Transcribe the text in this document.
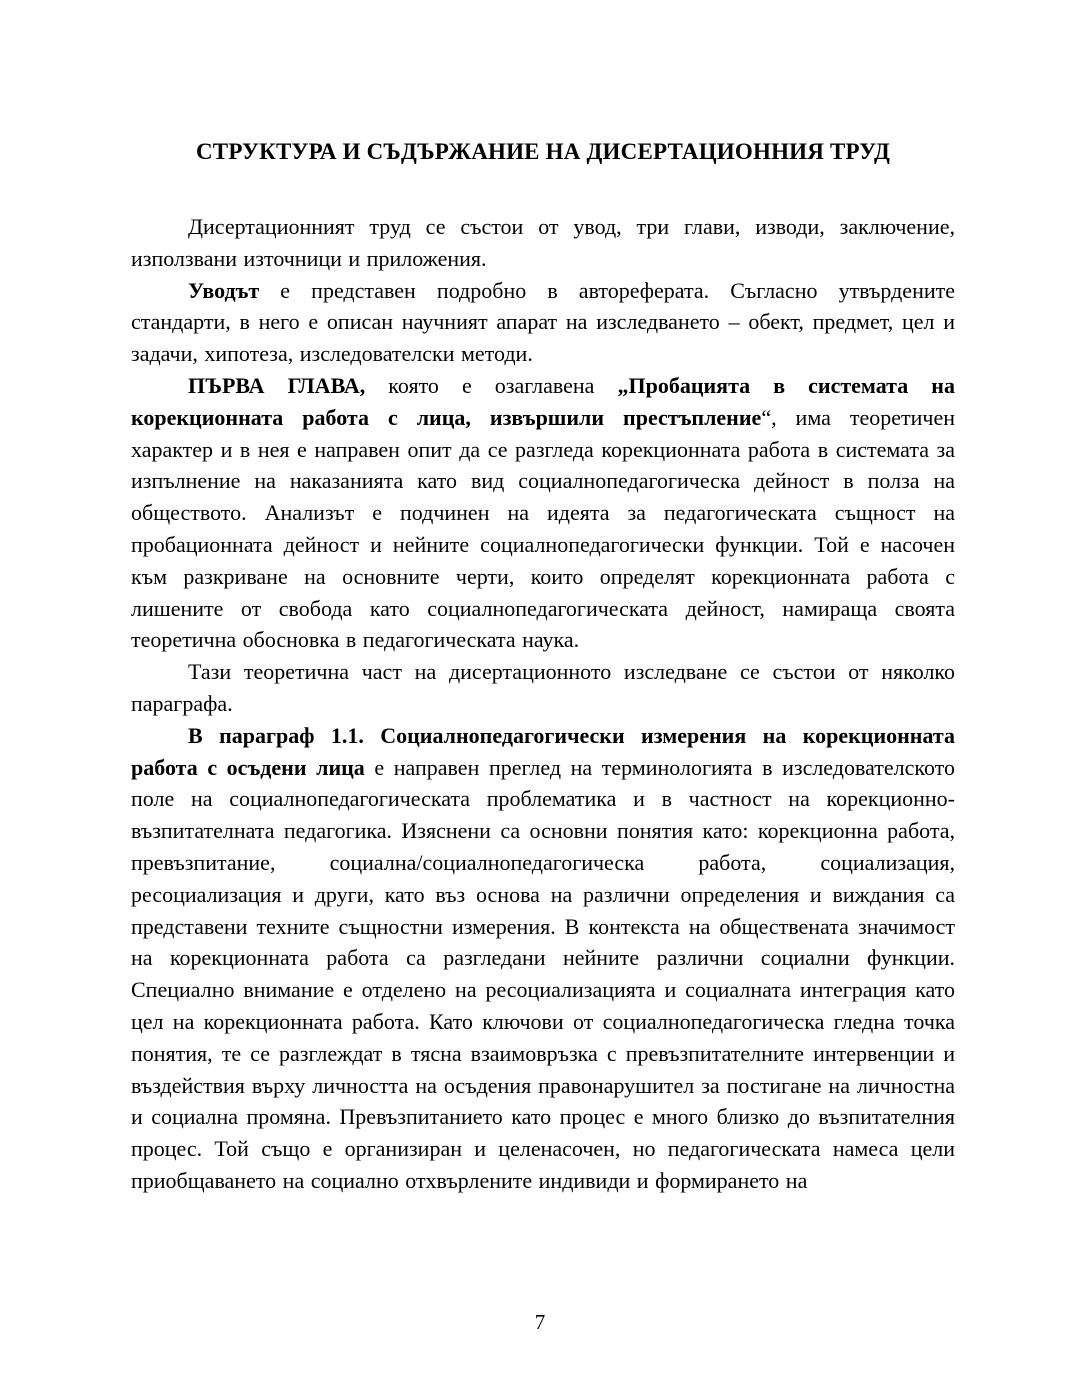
СТРУКТУРА И СЪДЪРЖАНИЕ НА ДИСЕРТАЦИОННИЯ ТРУД

Дисертационният труд се състои от увод, три глави, изводи, заключение, използвани източници и приложения.

Уводът е представен подробно в автореферата. Съгласно утвърдените стандарти, в него е описан научният апарат на изследването – обект, предмет, цел и задачи, хипотеза, изследователски методи.

ПЪРВА ГЛАВА, която е озаглавена „Пробацията в системата на корекционната работа с лица, извършили престъпление“, има теоретичен характер и в нея е направен опит да се разгледа корекционната работа в системата за изпълнение на наказанията като вид социалнопедагогическа дейност в полза на обществото. Анализът е подчинен на идеята за педагогическата същност на пробационната дейност и нейните социалнопедагогически функции. Той е насочен към разкриване на основните черти, които определят корекционната работа с лишените от свобода като социалнопедагогическата дейност, намираща своята теоретична обосновка в педагогическата наука.

Тази теоретична част на дисертационното изследване се състои от няколко параграфа.

В параграф 1.1. Социалнопедагогически измерения на корекционната работа с осъдени лица е направен преглед на терминологията в изследователското поле на социалнопедагогическата проблематика и в частност на корекционно-възпитателната педагогика. Изяснени са основни понятия като: корекционна работа, превъзпитание, социална/социалнопедагогическа работа, социализация, ресоциализация и други, като въз основа на различни определения и виждания са представени техните същностни измерения. В контекста на обществената значимост на корекционната работа са разгледани нейните различни социални функции. Специално внимание е отделено на ресоциализацията и социалната интеграция като цел на корекционната работа. Като ключови от социалнопедагогическа гледна точка понятия, те се разглеждат в тясна взаимовръзка с превъзпитателните интервенции и въздействия върху личността на осъдения правонарушител за постигане на личностна и социална промяна. Превъзпитанието като процес е много близко до възпитателния процес. Той също е организиран и целенасочен, но педагогическата намеса цели приобщаването на социално отхвърлените индивиди и формирането на

7
